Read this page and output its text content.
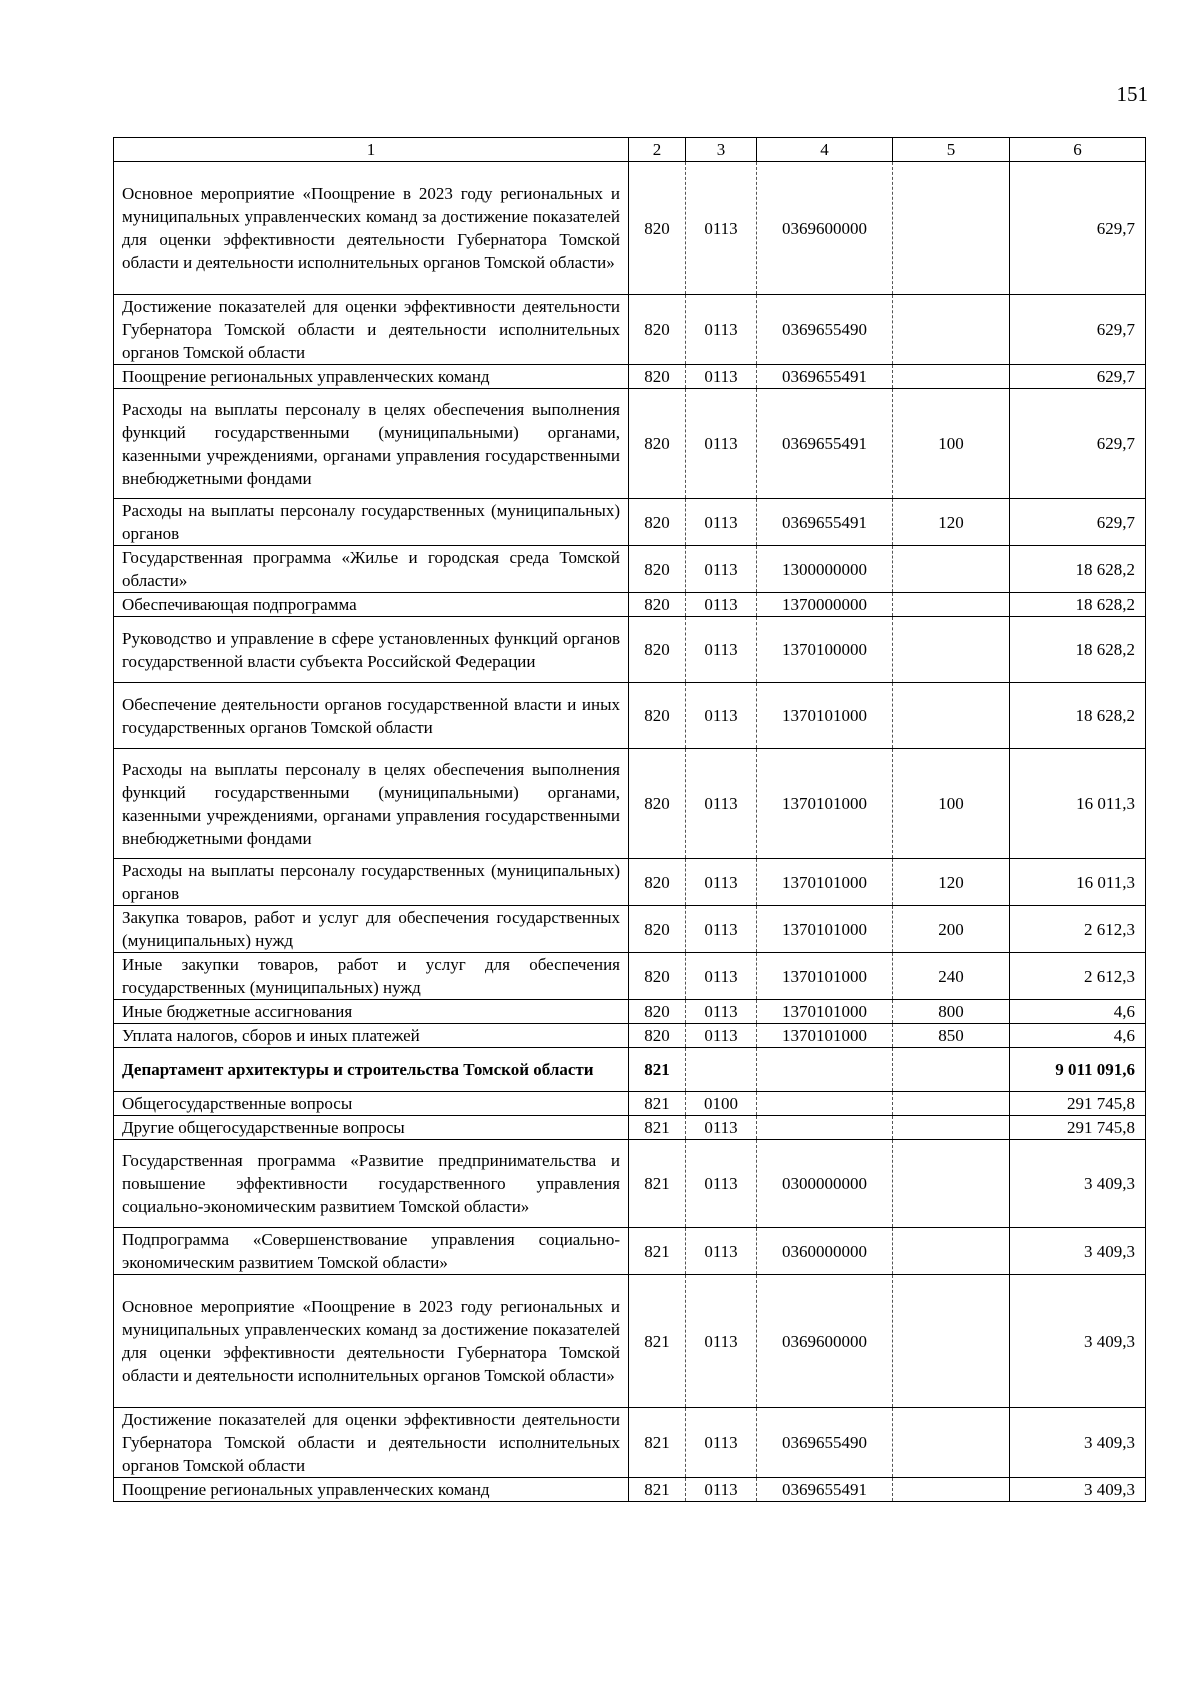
151
1	2	3	4	5	6
Основное мероприятие «Поощрение в 2023 году региональных и муниципальных управленческих команд за достижение показателей для оценки эффективности деятельности Губернатора Томской области и деятельности исполнительных органов Томской области»	820	0113	0369600000		629,7
Достижение показателей для оценки эффективности деятельности Губернатора Томской области и деятельности исполнительных органов Томской области	820	0113	0369655490		629,7
Поощрение региональных управленческих команд	820	0113	0369655491		629,7
Расходы на выплаты персоналу в целях обеспечения выполнения функций государственными (муниципальными) органами, казенными учреждениями, органами управления государственными внебюджетными фондами	820	0113	0369655491	100	629,7
Расходы на выплаты персоналу государственных (муниципальных) органов	820	0113	0369655491	120	629,7
Государственная программа «Жилье и городская среда Томской области»	820	0113	1300000000		18 628,2
Обеспечивающая подпрограмма	820	0113	1370000000		18 628,2
Руководство и управление в сфере установленных функций органов государственной власти субъекта Российской Федерации	820	0113	1370100000		18 628,2
Обеспечение деятельности органов государственной власти и иных государственных органов Томской области	820	0113	1370101000		18 628,2
Расходы на выплаты персоналу в целях обеспечения выполнения функций государственными (муниципальными) органами, казенными учреждениями, органами управления государственными внебюджетными фондами	820	0113	1370101000	100	16 011,3
Расходы на выплаты персоналу государственных (муниципальных) органов	820	0113	1370101000	120	16 011,3
Закупка товаров, работ и услуг для обеспечения государственных (муниципальных) нужд	820	0113	1370101000	200	2 612,3
Иные закупки товаров, работ и услуг для обеспечения государственных (муниципальных) нужд	820	0113	1370101000	240	2 612,3
Иные бюджетные ассигнования	820	0113	1370101000	800	4,6
Уплата налогов, сборов и иных платежей	820	0113	1370101000	850	4,6
Департамент архитектуры и строительства Томской области	821				9 011 091,6
Общегосударственные вопросы	821	0100			291 745,8
Другие общегосударственные вопросы	821	0113			291 745,8
Государственная программа «Развитие предпринимательства и повышение эффективности государственного управления социально-экономическим развитием Томской области»	821	0113	0300000000		3 409,3
Подпрограмма «Совершенствование управления социально-экономическим развитием Томской области»	821	0113	0360000000		3 409,3
Основное мероприятие «Поощрение в 2023 году региональных и муниципальных управленческих команд за достижение показателей для оценки эффективности деятельности Губернатора Томской области и деятельности исполнительных органов Томской области»	821	0113	0369600000		3 409,3
Достижение показателей для оценки эффективности деятельности Губернатора Томской области и деятельности исполнительных органов Томской области	821	0113	0369655490		3 409,3
Поощрение региональных управленческих команд	821	0113	0369655491		3 409,3
